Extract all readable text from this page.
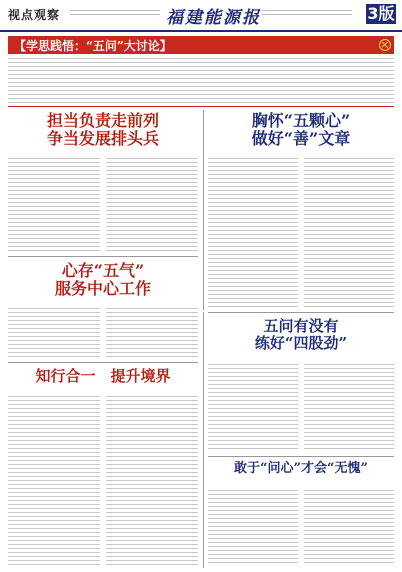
视点观察	福建能源报	3版
【学思践悟：“五问”大讨论】
担当负责走前列
争当发展排头兵
胸怀“五颗心”
做好“善”文章
心存“五气”
服务中心工作
五问有没有
练好“四股劲”
知行合一　提升境界
敢于“问心”才会“无愧”
